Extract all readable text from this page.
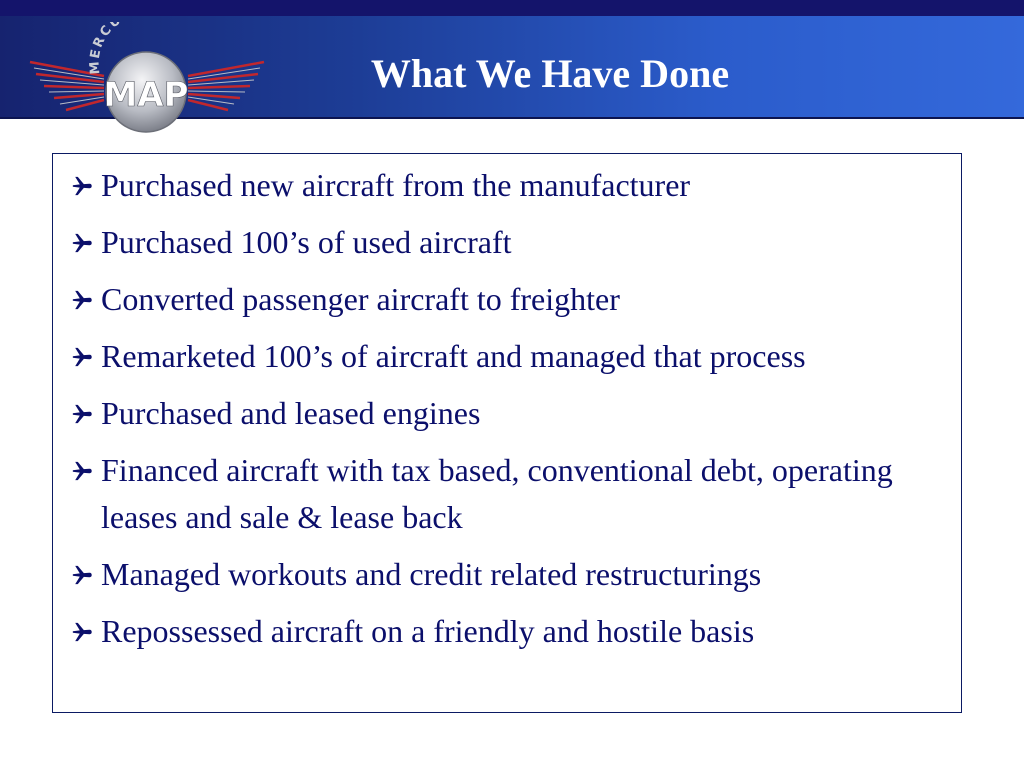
MERC
MAP	What We Have Done
Purchased new aircraft from the manufacturer
Purchased 100’s of used aircraft
Converted passenger aircraft to freighter
Remarketed 100’s of aircraft and managed that process
Purchased and leased engines
Financed aircraft with tax based, conventional debt, operating leases and sale & lease back
Managed workouts and credit related restructurings
Repossessed aircraft on a friendly and hostile basis
